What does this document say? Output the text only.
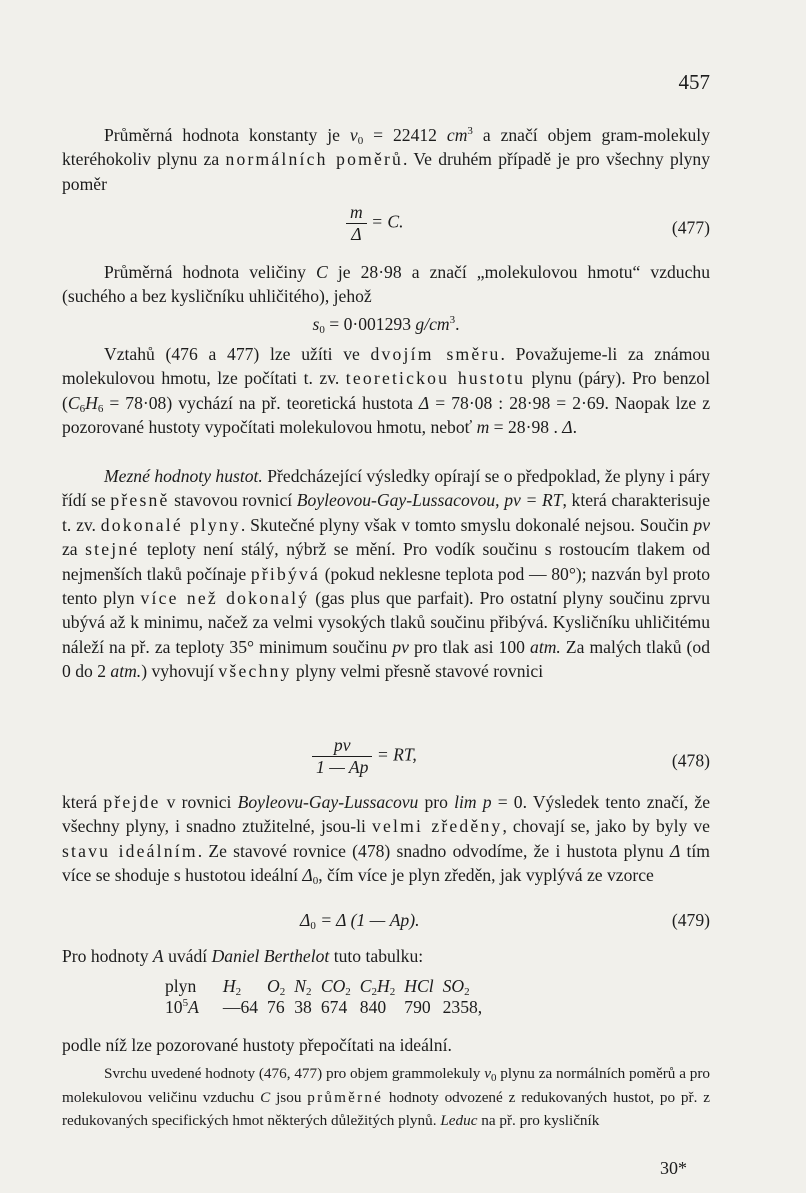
457
Průměrná hodnota konstanty je $v_0 = 22412$ $cm^3$ a značí objem gram-molekuly kteréhokoliv plynu za normálních poměrů. Ve druhém případě je pro všechny plyny poměr
$\frac{m}{\Delta} = C$.	(477)
Průměrná hodnota veličiny C je 28·98 a značí „molekulovou hmotu“ vzduchu (suchého a bez kysličníku uhličitého), jehož
$s_0 = 0\cdot 001293$ $g/cm^3$.
Vztahů (476 a 477) lze užíti ve dvojím směru. Považujeme-li za známou molekulovou hmotu, lze počítati t. zv. teoretickou hustotu plynu (páry). Pro benzol $(C_6H_6 = 78\cdot 08)$ vychází na př. teoretická hustota Δ = 78·08 : 28·98 = 2·69. Naopak lze z pozorované hustoty vypočítati molekulovou hmotu, neboť m = 28·98 . Δ.
Mezné hodnoty hustot. Předcházející výsledky opírají se o předpoklad, že plyny i páry řídí se přesně stavovou rovnicí Boyleovou-Gay-Lussacovou, pv = RT, která charakterisuje t. zv. dokonalé plyny. Skutečné plyny však v tomto smyslu dokonalé nejsou. Součin pv za stejné teploty není stálý, nýbrž se mění. Pro vodík součinu s rostoucím tlakem od nejmenších tlaků počínaje přibývá (pokud neklesne teplota pod — 80°); nazván byl proto tento plyn více než dokonalý (gas plus que parfait). Pro ostatní plyny součinu zprvu ubývá až k minimu, načež za velmi vysokých tlaků součinu přibývá. Kysličníku uhličitému náleží na př. za teploty 35° minimum součinu pv pro tlak asi 100 atm. Za malých tlaků (od 0 do 2 atm.) vyhovují všechny plyny velmi přesně stavové rovnici
$\frac{pv}{1 — Ap}$ = RT,	(478)
která přejde v rovnici Boyleovu-Gay-Lussacovu pro lim p = 0. Výsledek tento značí, že všechny plyny, i snadno ztužitelné, jsou-li velmi zředěny, chovají se, jako by byly ve stavu ideálním. Ze stavové rovnice (478) snadno odvodíme, že i hustota plynu Δ tím více se shoduje s hustotou ideální $\Delta_0$, čím více je plyn zředěn, jak vyplývá ze vzorce
$\Delta_0 = \Delta$ (1 — Ap).	(479)
Pro hodnoty A uvádí Daniel Berthelot tuto tabulku:
plyn	$H_2$	$O_2$	$N_2$	$CO_2$	$C_2H_2$	HCl	$SO_2$
$10^5A$	—64	76	38	674	840	790	2358,
podle níž lze pozorované hustoty přepočítati na ideální.
Svrchu uvedené hodnoty (476, 477) pro objem grammolekuly $v_0$ plynu za normálních poměrů a pro molekulovou veličinu vzduchu C jsou průměrné hodnoty odvozené z redukovaných hustot, po př. z redukovaných specifických hmot některých důležitých plynů. Leduc na př. pro kysličník
30*
